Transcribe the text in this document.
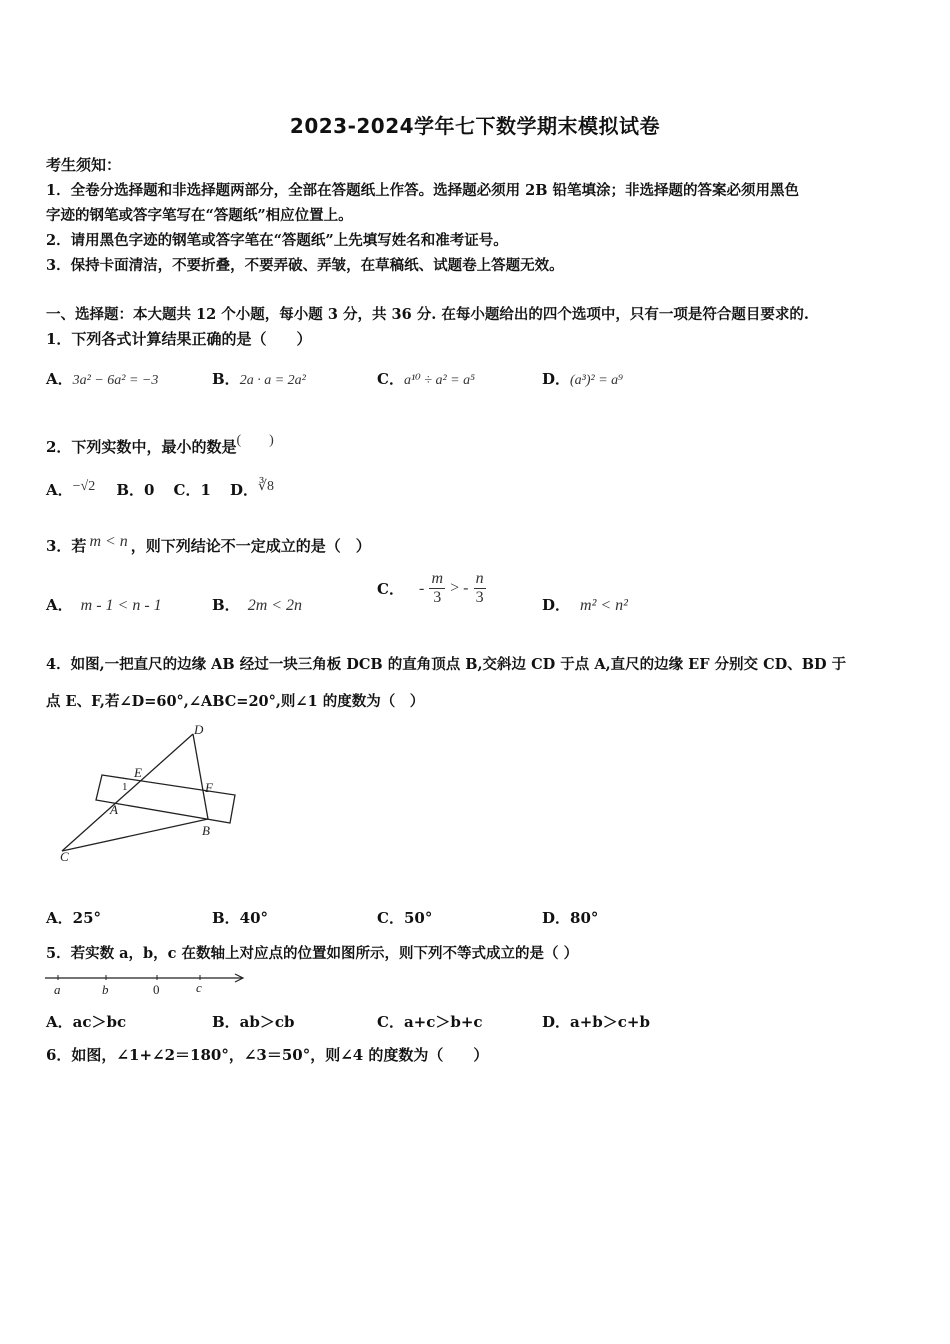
2023-2024学年七下数学期末模拟试卷
考生须知：
1．全卷分选择题和非选择题两部分，全部在答题纸上作答。选择题必须用 2B 铅笔填涂；非选择题的答案必须用黑色
字迹的钢笔或答字笔写在“答题纸”相应位置上。
2．请用黑色字迹的钢笔或答字笔在“答题纸”上先填写姓名和准考证号。
3．保持卡面清洁，不要折叠，不要弄破、弄皱，在草稿纸、试题卷上答题无效。
一、选择题：本大题共 12 个小题，每小题 3 分，共 36 分. 在每小题给出的四个选项中，只有一项是符合题目要求的.
1．下列各式计算结果正确的是（　　）
A．3a² − 6a² = −3	B．2a · a = 2a²	C．a¹⁰ ÷ a² = a⁵	D．(a³)² = a⁹
2．下列实数中，最小的数是(　　)
A．−√2 B．0 C．1 D．∛8
3．若 m < n ，则下列结论不一定成立的是（　）
A． m - 1 < n - 1	B． 2m < 2n
C． - $\frac{m}{3}$ > - $\frac{n}{3}$	D． m² < n²
4．如图,一把直尺的边缘 AB 经过一块三角板 DCB 的直角顶点 B,交斜边 CD 于点 A,直尺的边缘 EF 分别交 CD、BD 于
点 E、F,若∠D=60°,∠ABC=20°,则∠1 的度数为（　）
D
E
F
A
B
C
1
A．25°	B．40°	C．50°	D．80°
5．若实数 a，b，c 在数轴上对应点的位置如图所示，则下列不等式成立的是（ ）
a	b	0	c
A．ac＞bc	B．ab＞cb	C．a+c＞b+c	D．a+b＞c+b
6．如图，∠1+∠2＝180°，∠3＝50°，则∠4 的度数为（　　）
